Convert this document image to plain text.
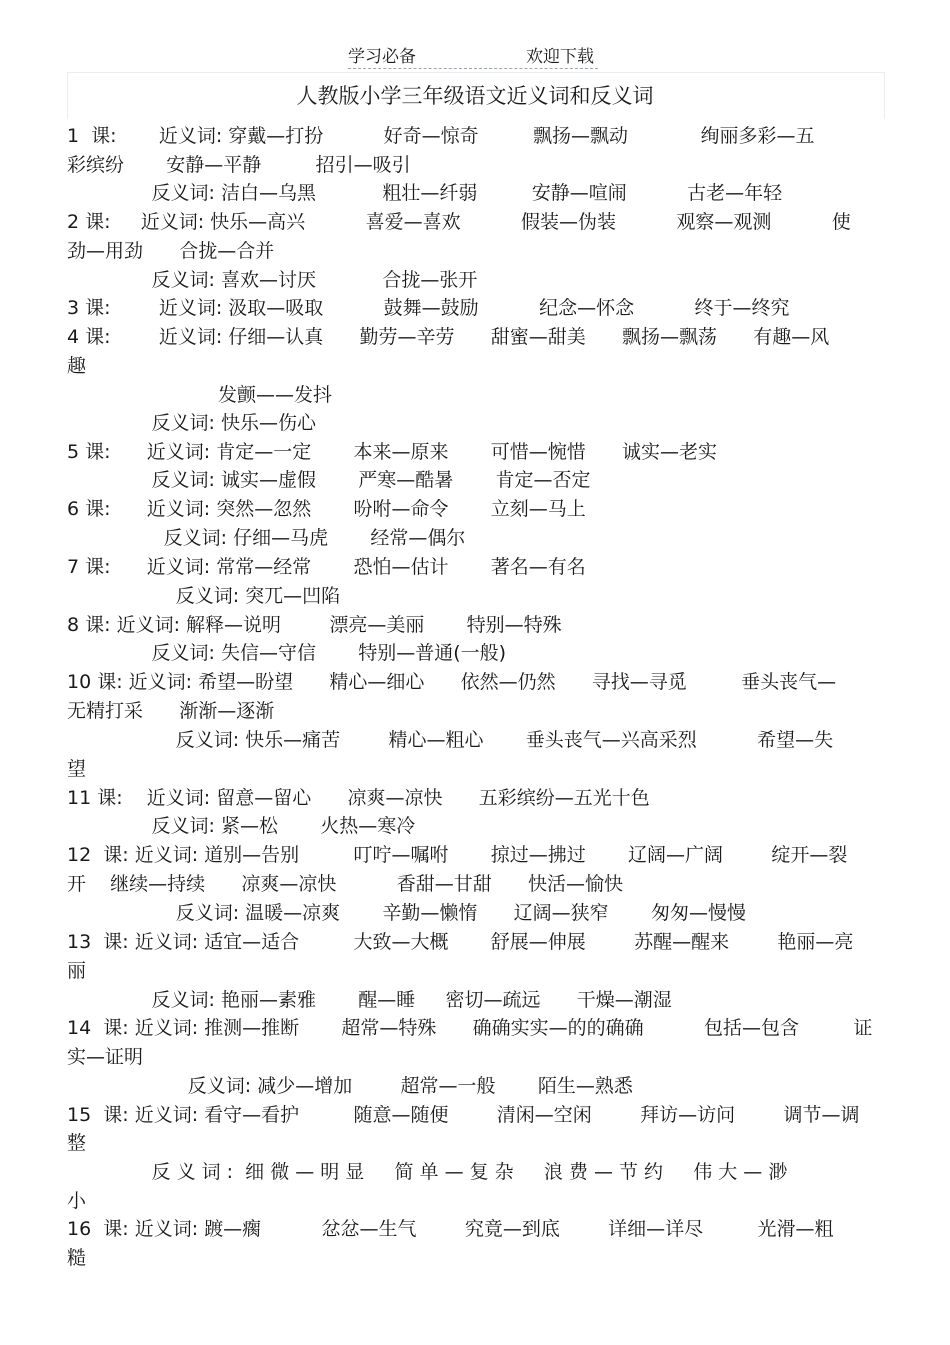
学习必备	欢迎下载
人教版小学三年级语文近义词和反义词
1  课:       近义词: 穿戴—打扮          好奇—惊奇         飘扬—飘动            绚丽多彩—五
彩缤纷       安静—平静         招引—吸引
反义词: 洁白—乌黑           粗壮—纤弱         安静—喧闹          古老—年轻
2 课:     近义词: 快乐—高兴          喜爱—喜欢          假装—伪装          观察—观测          使
劲—用劲      合拢—合并
反义词: 喜欢—讨厌           合拢—张开
3 课:        近义词: 汲取—吸取          鼓舞—鼓励          纪念—怀念          终于—终究
4 课:        近义词: 仔细—认真      勤劳—辛劳      甜蜜—甜美      飘扬—飘荡      有趣—风
趣
发颤——发抖
反义词: 快乐—伤心
5 课:      近义词: 肯定—一定       本来—原来       可惜—惋惜      诚实—老实
反义词: 诚实—虚假       严寒—酷暑       肯定—否定
6 课:      近义词: 突然—忽然       吩咐—命令       立刻—马上
反义词: 仔细—马虎       经常—偶尔
7 课:      近义词: 常常—经常       恐怕—估计       著名—有名
反义词: 突兀—凹陷
8 课: 近义词: 解释—说明        漂亮—美丽       特别—特殊
反义词: 失信—守信       特别—普通(一般)
10 课: 近义词: 希望—盼望      精心—细心      依然—仍然      寻找—寻觅         垂头丧气—
无精打采      渐渐—逐渐
反义词: 快乐—痛苦        精心—粗心       垂头丧气—兴高采烈          希望—失
望
11 课:    近义词: 留意—留心      凉爽—凉快      五彩缤纷—五光十色
反义词: 紧—松       火热—寒冷
12  课: 近义词: 道别—告别         叮咛—嘱咐       掠过—拂过       辽阔—广阔        绽开—裂
开    继续—持续      凉爽—凉快          香甜—甘甜      快活—愉快
反义词: 温暖—凉爽       辛勤—懒惰      辽阔—狭窄       匆匆—慢慢
13  课: 近义词: 适宜—适合         大致—大概       舒展—伸展        苏醒—醒来        艳丽—亮
丽
反义词: 艳丽—素雅       醒—睡     密切—疏远      干燥—潮湿
14  课: 近义词: 推测—推断       超常—特殊      确确实实—的的确确          包括—包含         证
实—证明
反义词: 减少—增加        超常—一般       陌生—熟悉
15  课: 近义词: 看守—看护         随意—随便        清闲—空闲        拜访—访问        调节—调
整
反 义 词 :  细 微 — 明 显     简 单 — 复 杂     浪 费 — 节 约     伟 大 — 渺
小
16  课: 近义词: 踱—瘸          忿忿—生气        究竟—到底        详细—详尽         光滑—粗
糙
